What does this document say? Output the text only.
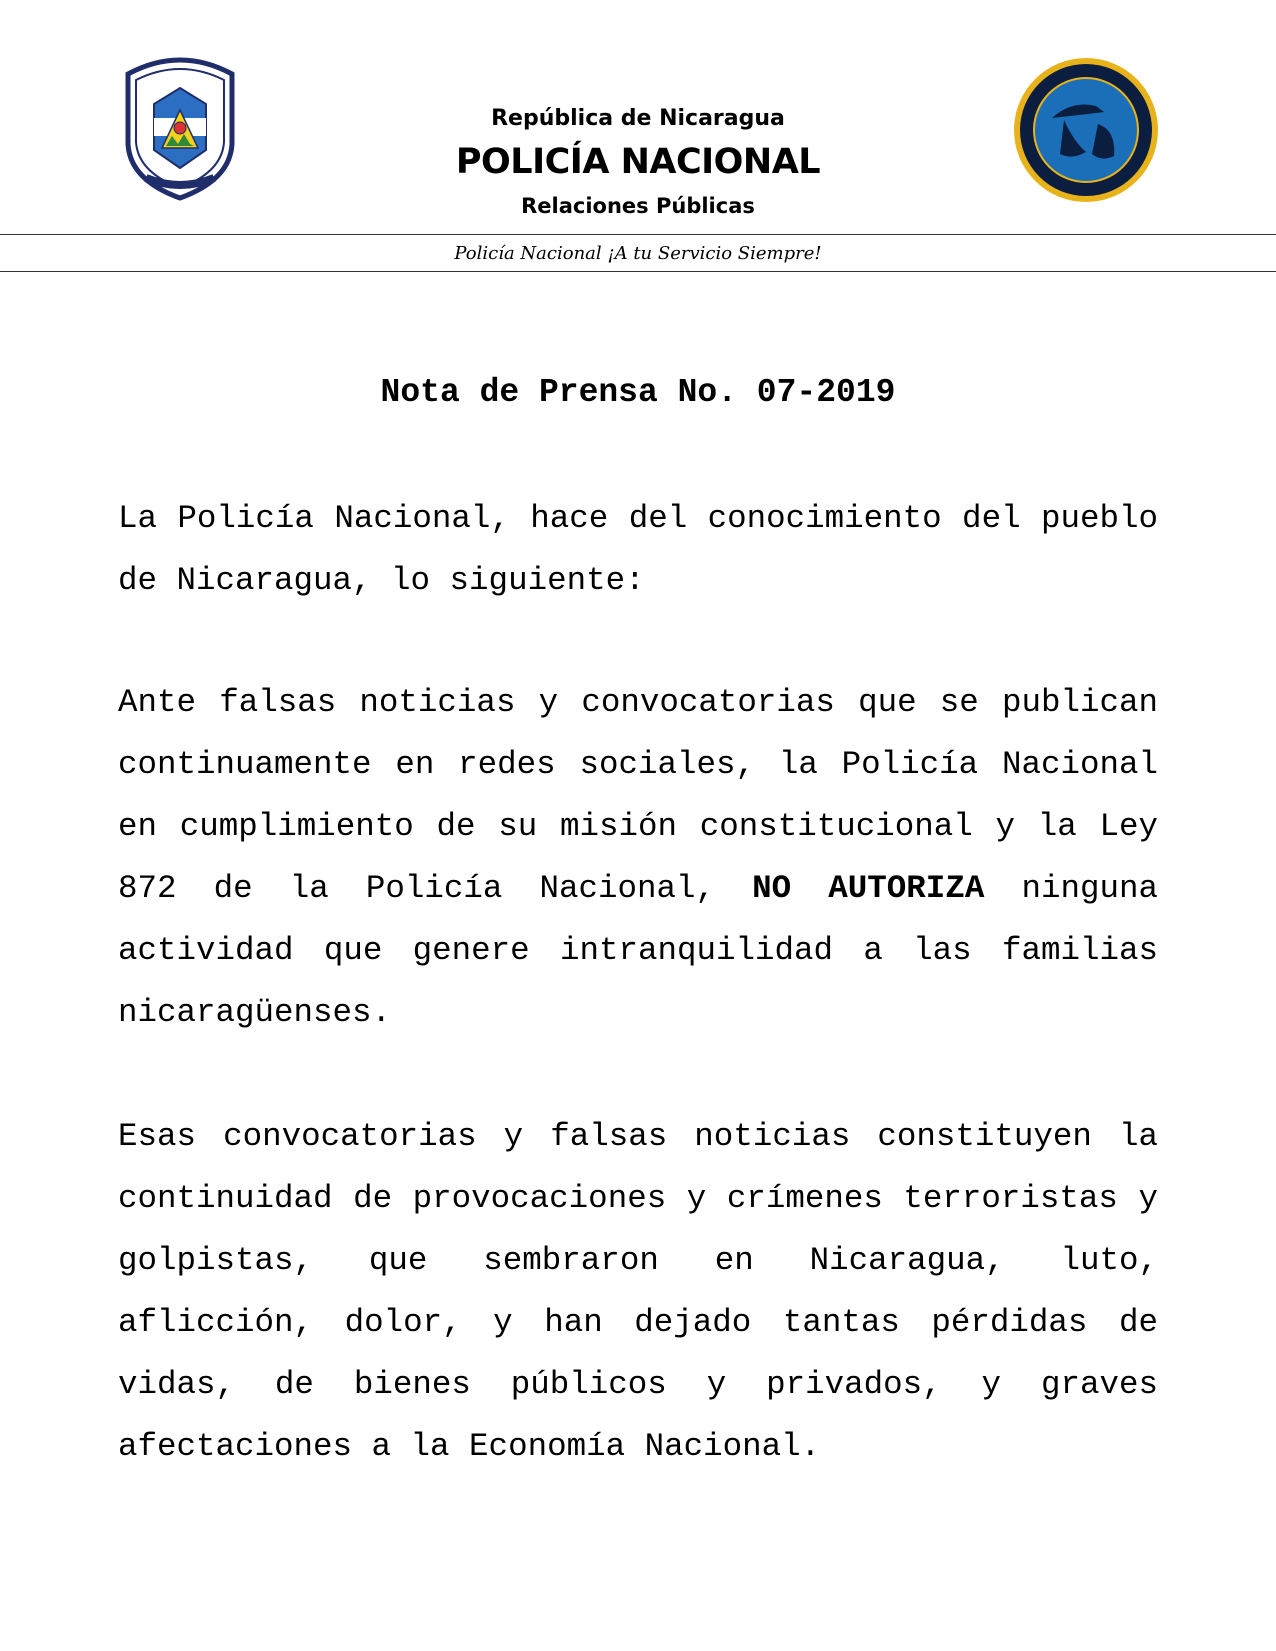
República de Nicaragua
POLICÍA NACIONAL
Relaciones Públicas
Policía Nacional ¡A tu Servicio Siempre!
Nota de Prensa No. 07-2019
La Policía Nacional, hace del conocimiento del pueblo de Nicaragua, lo siguiente:
Ante falsas noticias y convocatorias que se publican continuamente en redes sociales, la Policía Nacional en cumplimiento de su misión constitucional y la Ley 872 de la Policía Nacional, NO AUTORIZA ninguna actividad que genere intranquilidad a las familias nicaragüenses.
Esas convocatorias y falsas noticias constituyen la continuidad de provocaciones y crímenes terroristas y golpistas, que sembraron en Nicaragua, luto, aflicción, dolor, y han dejado tantas pérdidas de vidas, de bienes públicos y privados, y graves afectaciones a la Economía Nacional.
